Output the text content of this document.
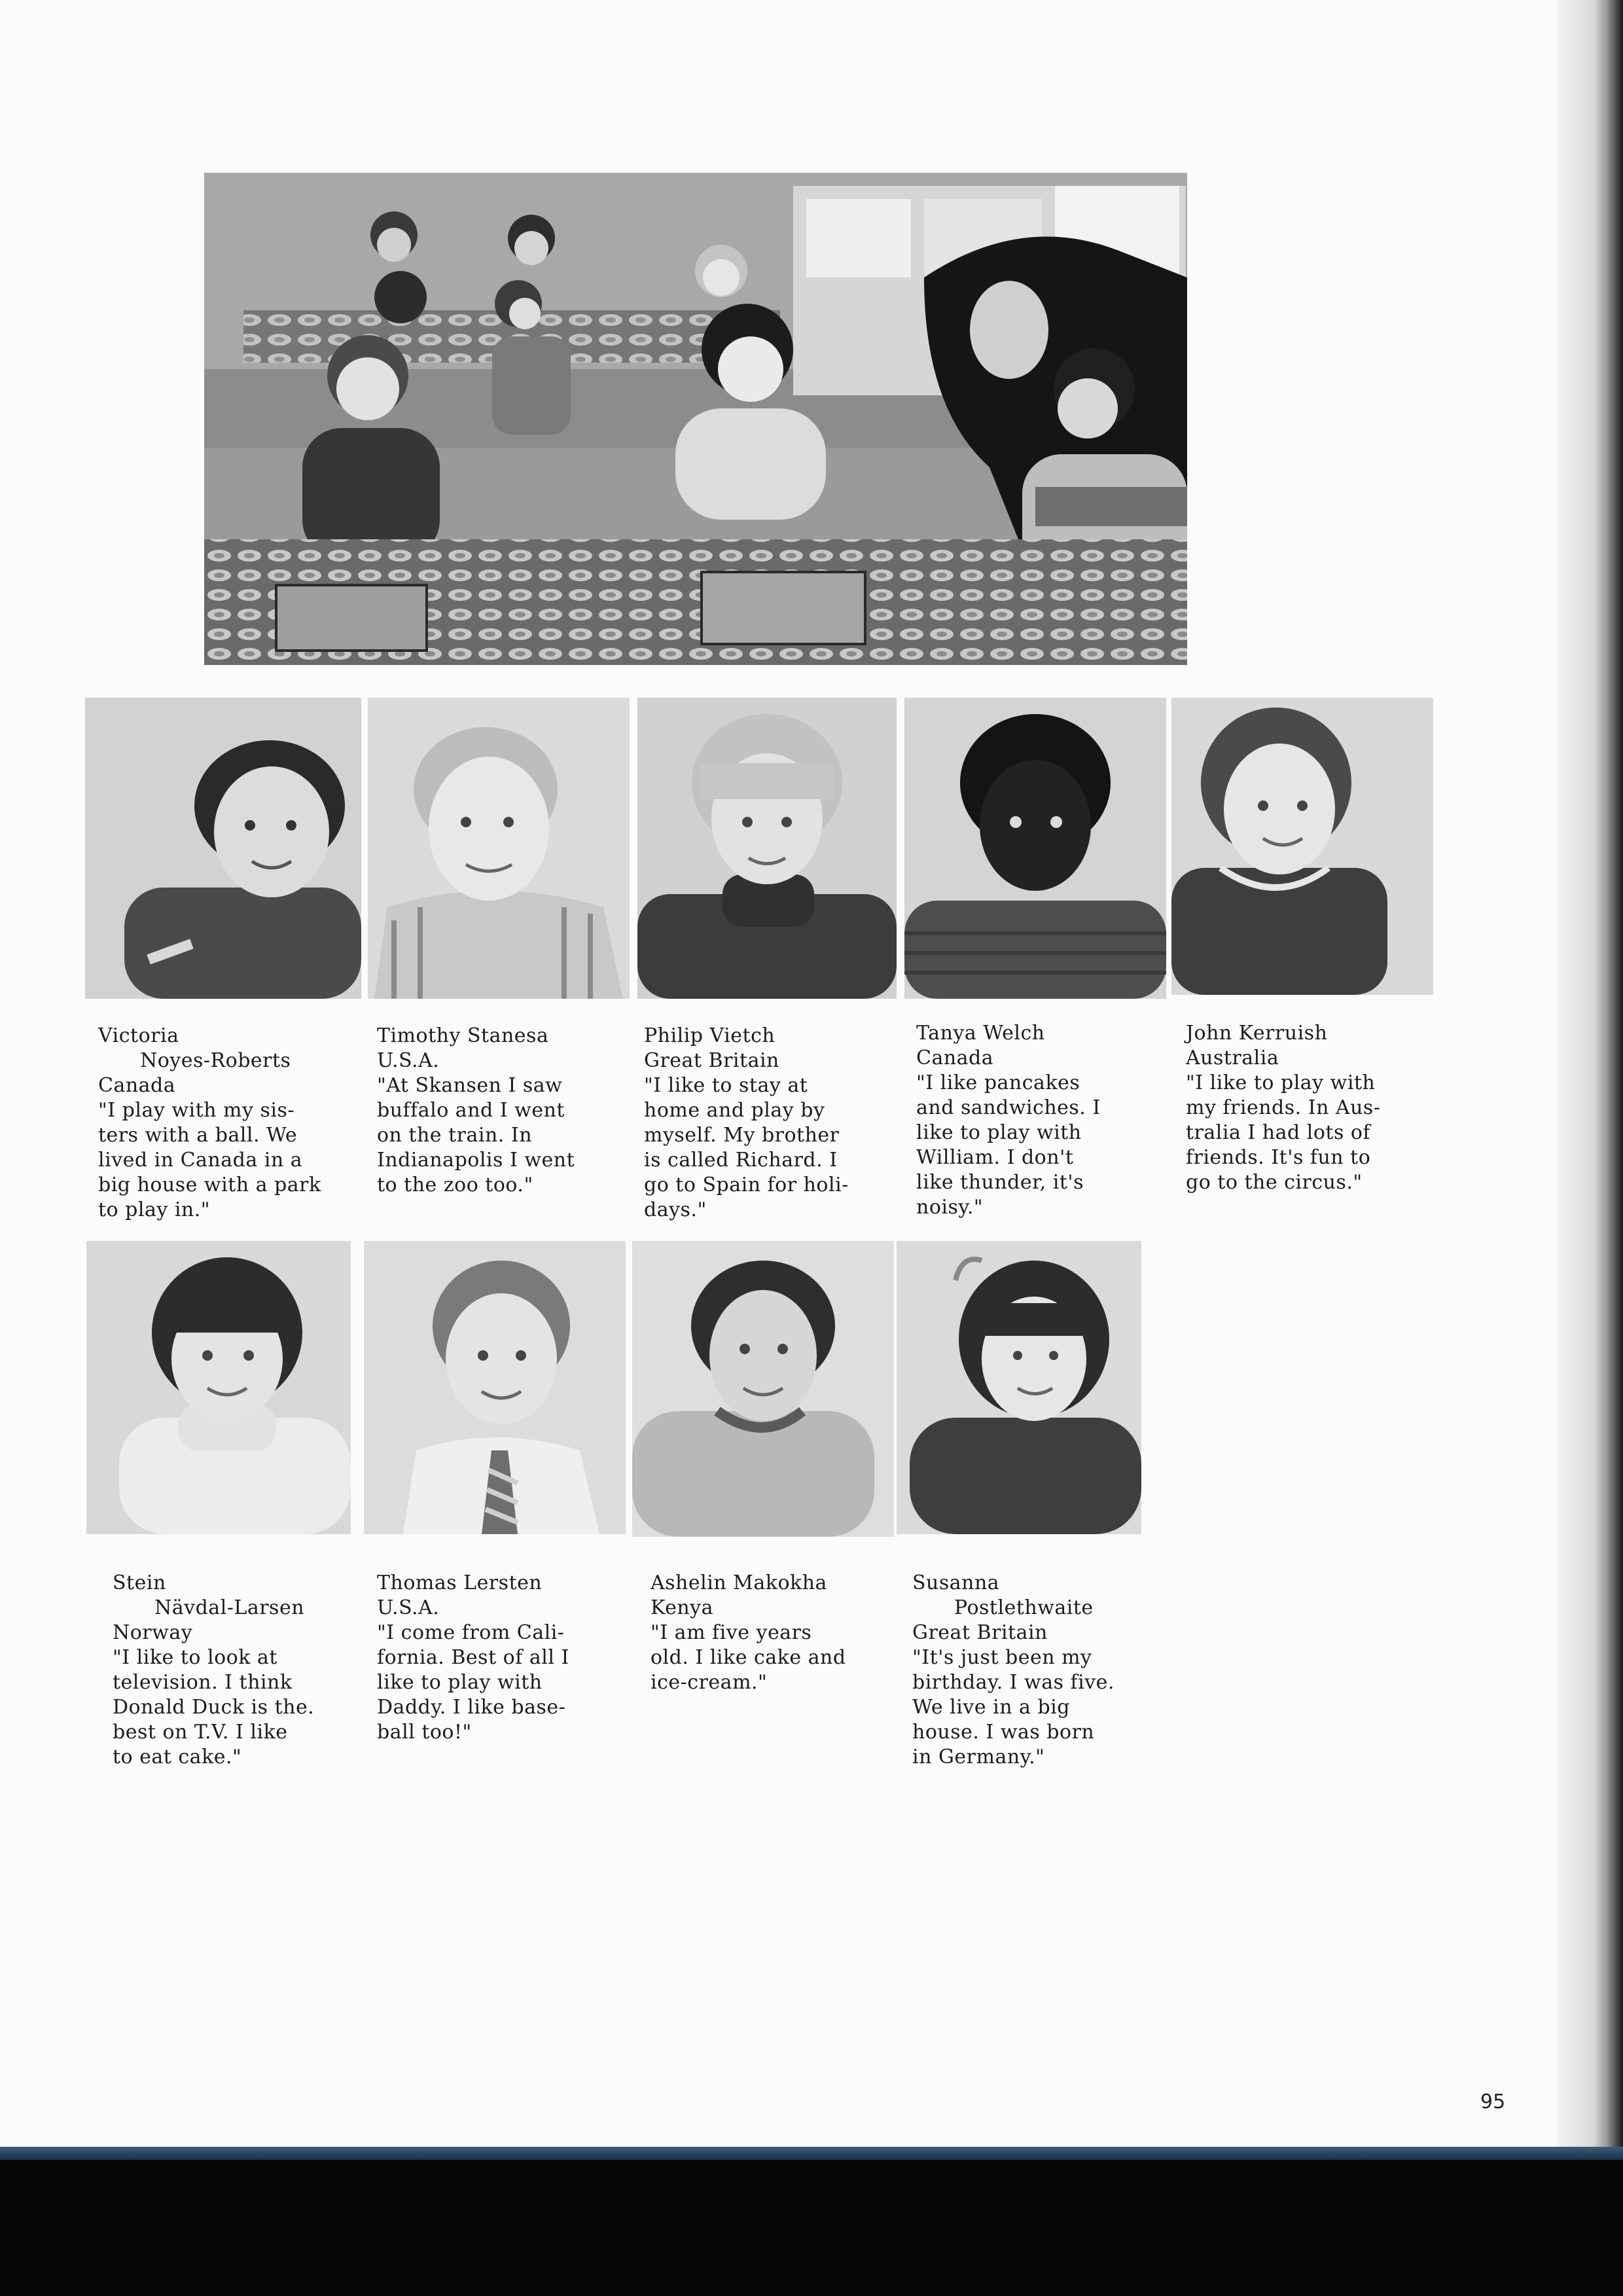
Victoria
Noyes-Roberts
Canada
"I play with my sis-
ters with a ball. We
lived in Canada in a
big house with a park
to play in."
Timothy Stanesa
U.S.A.
"At Skansen I saw
buffalo and I went
on the train. In
Indianapolis I went
to the zoo too."
Philip Vietch
Great Britain
"I like to stay at
home and play by
myself. My brother
is called Richard. I
go to Spain for holi-
days."
Tanya Welch
Canada
"I like pancakes
and sandwiches. I
like to play with
William. I don't
like thunder, it's
noisy."
John Kerruish
Australia
"I like to play with
my friends. In Aus-
tralia I had lots of
friends. It's fun to
go to the circus."
Stein
Nävdal-Larsen
Norway
"I like to look at
television. I think
Donald Duck is the.
best on T.V. I like
to eat cake."
Thomas Lersten
U.S.A.
"I come from Cali-
fornia. Best of all I
like to play with
Daddy. I like base-
ball too!"
Ashelin Makokha
Kenya
"I am five years
old. I like cake and
ice-cream."
Susanna
Postlethwaite
Great Britain
"It's just been my
birthday. I was five.
We live in a big
house. I was born
in Germany."
95
